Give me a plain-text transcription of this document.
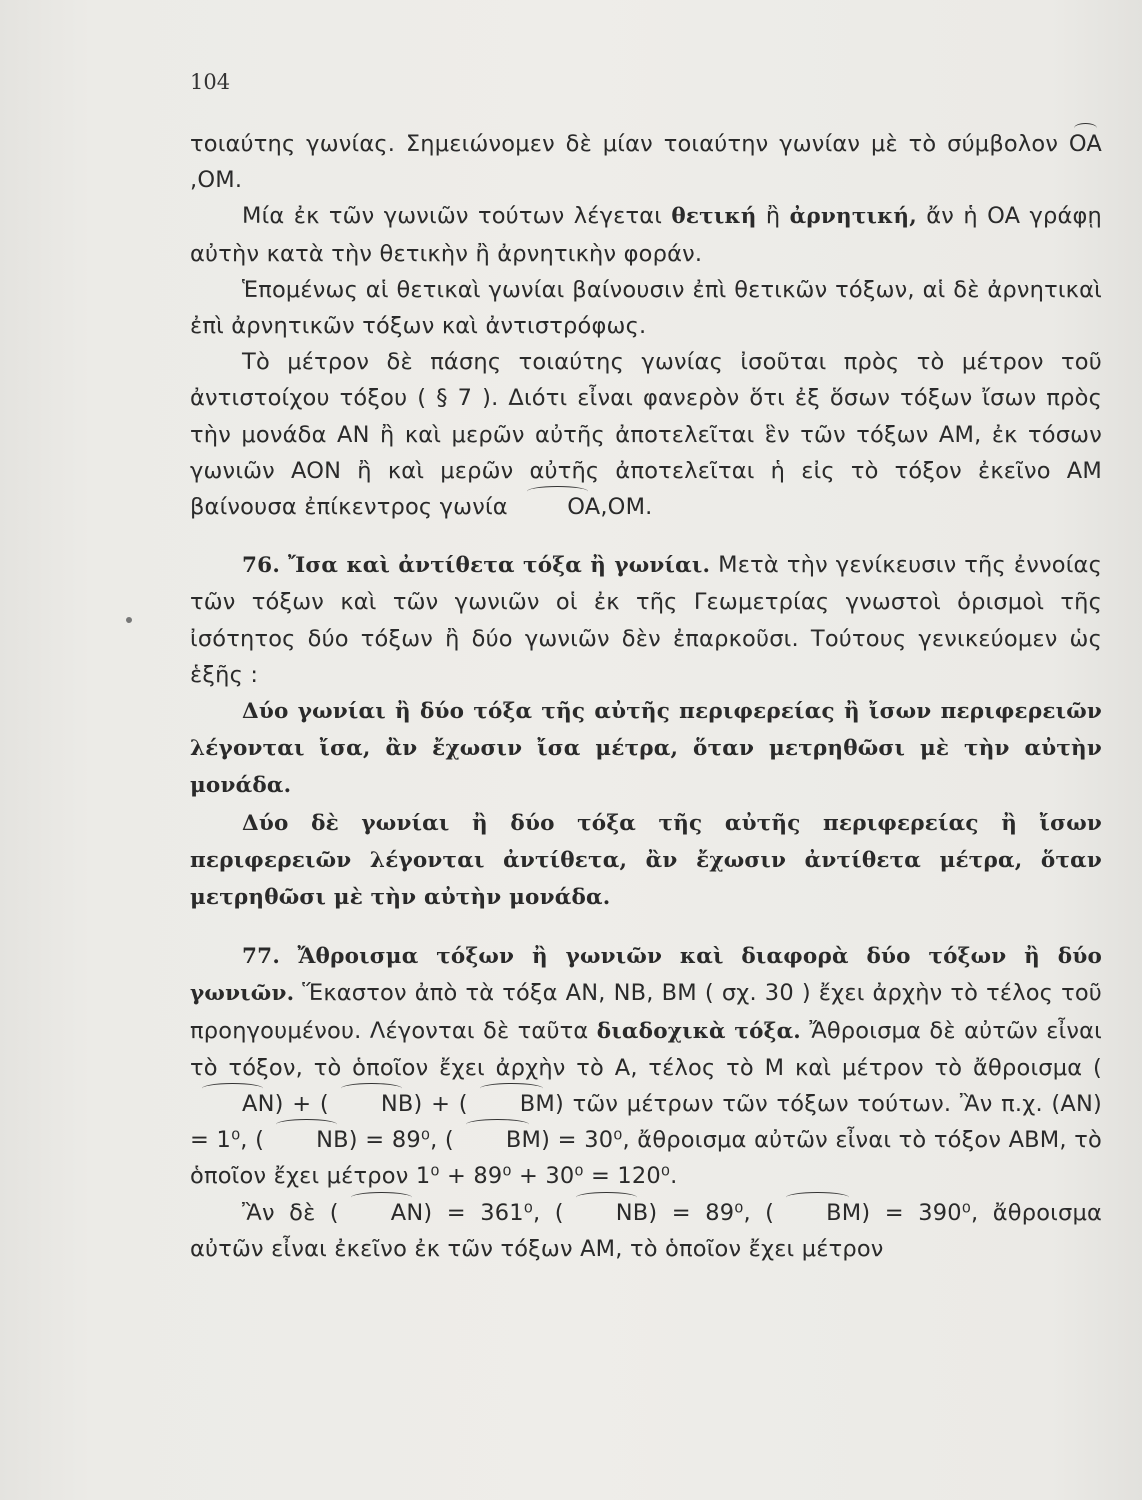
104

τοιαύτης γωνίας. Σημειώνομεν δὲ μίαν τοιαύτην γωνίαν μὲ τὸ σύμβολον OA,OM.

Μία ἐκ τῶν γωνιῶν τούτων λέγεται θετική ἢ ἀρνητική, ἄν ἡ OA γράφῃ αὐτὴν κατὰ τὴν θετικὴν ἢ ἀρνητικὴν φοράν.

Ἑπομένως αἱ θετικαὶ γωνίαι βαίνουσιν ἐπὶ θετικῶν τόξων, αἱ δὲ ἀρνητικαὶ ἐπὶ ἀρνητικῶν τόξων καὶ ἀντιστρόφως.

Τὸ μέτρον δὲ πάσης τοιαύτης γωνίας ἰσοῦται πρὸς τὸ μέτρον τοῦ ἀντιστοίχου τόξου ( § 7 ). Διότι εἶναι φανερὸν ὅτι ἐξ ὅσων τόξων ἴσων πρὸς τὴν μονάδα AN ἢ καὶ μερῶν αὐτῆς ἀποτελεῖται ἓν τῶν τόξων AM, ἐκ τόσων γωνιῶν AON ἢ καὶ μερῶν αὐτῆς ἀποτελεῖται ἡ εἰς τὸ τόξον ἐκεῖνο AM βαίνουσα ἐπίκεντρος γωνία OA,OM.

76. Ἴσα καὶ ἀντίθετα τόξα ἢ γωνίαι. Μετὰ τὴν γενίκευσιν τῆς ἐννοίας τῶν τόξων καὶ τῶν γωνιῶν οἱ ἐκ τῆς Γεωμετρίας γνωστοὶ ὁρισμοὶ τῆς ἰσότητος δύο τόξων ἢ δύο γωνιῶν δὲν ἐπαρκοῦσι. Τούτους γενικεύομεν ὡς ἑξῆς :

Δύο γωνίαι ἢ δύο τόξα τῆς αὐτῆς περιφερείας ἢ ἴσων περιφερειῶν λέγονται ἴσα, ἂν ἔχωσιν ἴσα μέτρα, ὅταν μετρηθῶσι μὲ τὴν αὐτὴν μονάδα.

Δύο δὲ γωνίαι ἢ δύο τόξα τῆς αὐτῆς περιφερείας ἢ ἴσων περιφερειῶν λέγονται ἀντίθετα, ἂν ἔχωσιν ἀντίθετα μέτρα, ὅταν μετρηθῶσι μὲ τὴν αὐτὴν μονάδα.

77. Ἄθροισμα τόξων ἢ γωνιῶν καὶ διαφορὰ δύο τόξων ἢ δύο γωνιῶν. Ἕκαστον ἀπὸ τὰ τόξα AN, NB, BM ( σχ. 30 ) ἔχει ἀρχὴν τὸ τέλος τοῦ προηγουμένου. Λέγονται δὲ ταῦτα διαδοχικὰ τόξα. Ἄθροισμα δὲ αὐτῶν εἶναι τὸ τόξον, τὸ ὁποῖον ἔχει ἀρχὴν τὸ A, τέλος τὸ M καὶ μέτρον τὸ ἄθροισμα (AN) + ( NB) + ( BM) τῶν μέτρων τῶν τόξων τούτων. Ἂν π.χ. (AN) = 1⁰, ( NB) = 89⁰, ( BM) = 30⁰, ἄθροισμα αὐτῶν εἶναι τὸ τόξον ABM, τὸ ὁποῖον ἔχει μέτρον 1⁰ + 89⁰ + 30⁰ = 120⁰.

Ἂν δὲ ( AN) = 361⁰, ( NB) = 89⁰, ( BM) = 390⁰, ἄθροισμα αὐτῶν εἶναι ἐκεῖνο ἐκ τῶν τόξων AM, τὸ ὁποῖον ἔχει μέτρον
